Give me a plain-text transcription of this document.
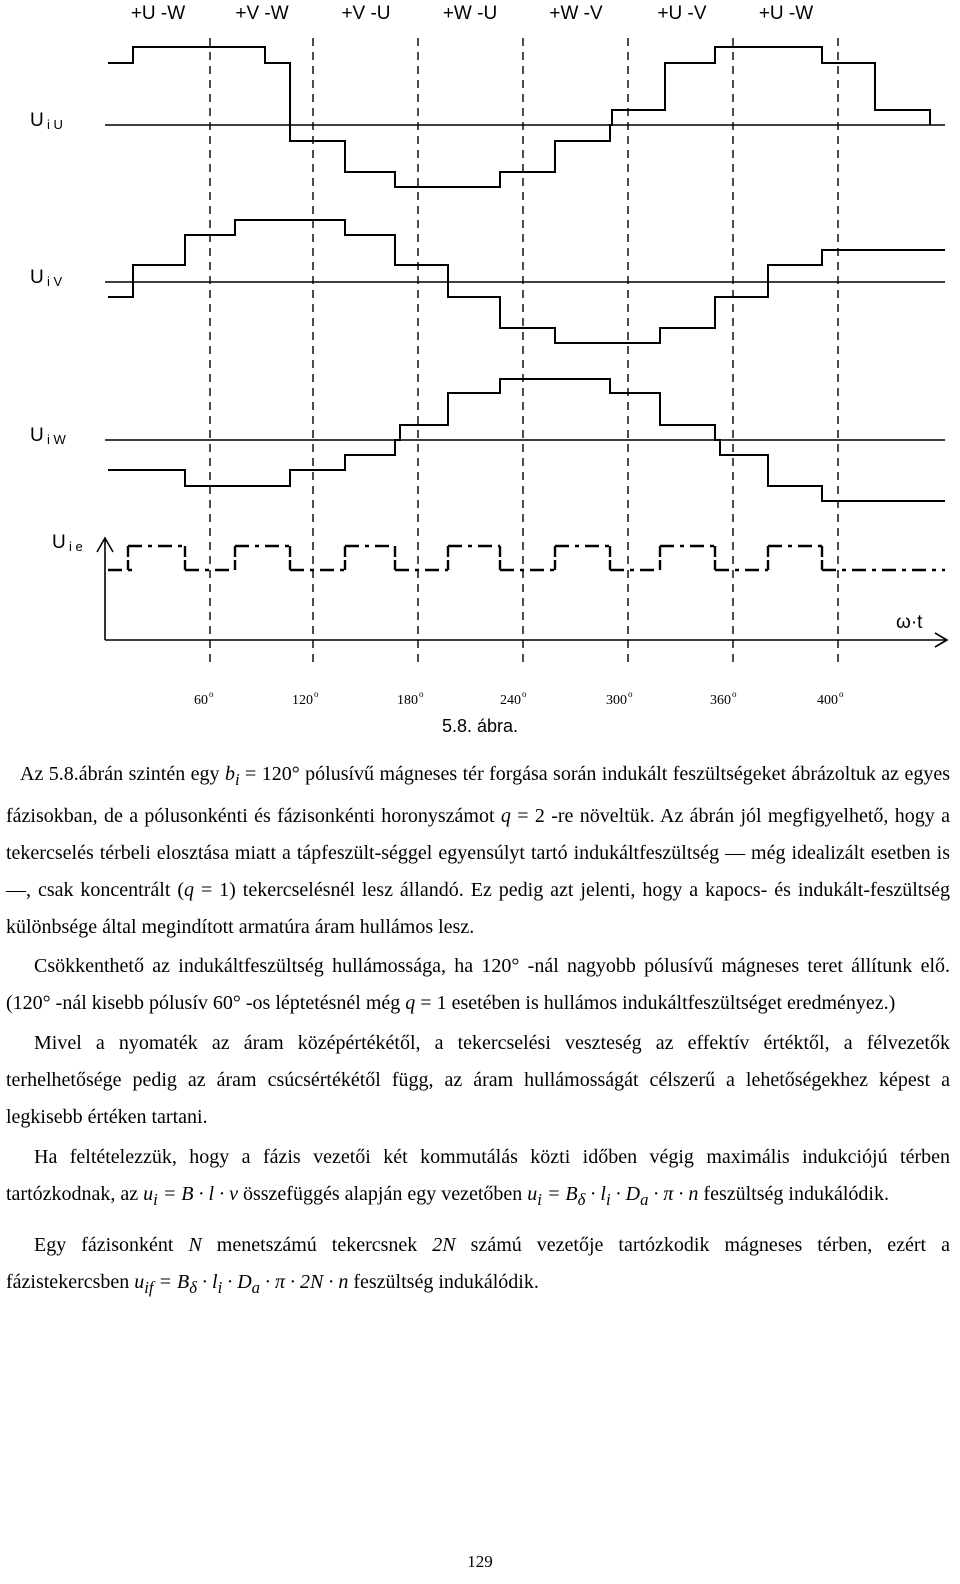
+U -W	+V -W	+V -U	+W -U	+W -V	+U -V	+U -W
U i U
U i V
U i W
U i e
ω·t
60 o	120 o	180 o	240 o	300 o	360 o	400 o
5.8. ábra.
Az 5.8.ábrán szintén egy $b_i = 120^\circ$ pólusívű mágneses tér forgása során indukált feszültségeket ábrázoltuk az egyes fázisokban, de a pólusonkénti és fázisonkénti horonyszámot q = 2 -re növeltük. Az ábrán jól megfigyelhető, hogy a tekercselés térbeli elosztása miatt a tápfeszült-séggel egyensúlyt tartó indukáltfeszültség — még idealizált esetben is —, csak koncentrált (q = 1) tekercselésnél lesz állandó. Ez pedig azt jelenti, hogy a kapocs- és indukált-feszültség különbsége által megindított armatúra áram hullámos lesz.
Csökkenthető az indukáltfeszültség hullámossága, ha 120° -nál nagyobb pólusívű mágneses teret állítunk elő. (120° -nál kisebb pólusív 60° -os léptetésnél még q = 1 esetében is hullámos indukáltfeszültséget eredményez.)
Mivel a nyomaték az áram középértékétől, a tekercselési veszteség az effektív értéktől, a félvezetők terhelhetősége pedig az áram csúcsértékétől függ, az áram hullámosságát célszerű a lehetőségekhez képest a legkisebb értéken tartani.
Ha feltételezzük, hogy a fázis vezetői két kommutálás közti időben végig maximális indukciójú térben tartózkodnak, az $u_i = B \cdot l \cdot v$ összefüggés alapján egy vezetőben $u_i = B_\delta \cdot l_i \cdot D_a \cdot \pi \cdot n$ feszültség indukálódik.
Egy fázisonként N menetszámú tekercsnek 2N számú vezetője tartózkodik mágneses térben, ezért a fázistekercsben $u_{if} = B_\delta \cdot l_i \cdot D_a \cdot \pi \cdot 2N \cdot n$ feszültség indukálódik.
129
